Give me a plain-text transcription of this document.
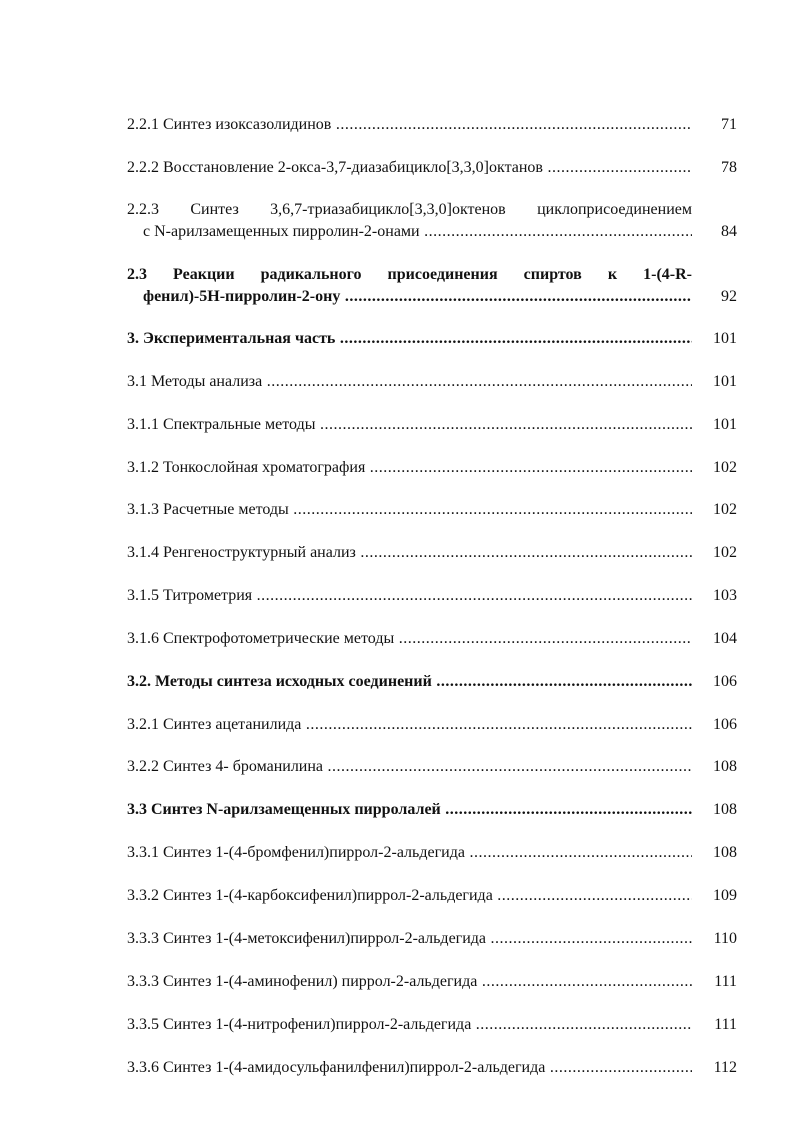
2.2.1 Синтез изоксазолидинов .....	71
2.2.2 Восстановление 2-окса-3,7-диазабицикло[3,3,0]октанов .....	78
2.2.3 Синтез 3,6,7-триазабицикло[3,3,0]октенов циклоприсоединением
с N-арилзамещенных пирролин-2-онами .....	84
2.3 Реакции радикального присоединения спиртов к 1-(4-R-
фенил)-5H-пирролин-2-ону .....	92
3. Экспериментальная часть .....	101
3.1 Методы анализа .....	101
3.1.1 Спектральные методы .....	101
3.1.2 Тонкослойная хроматография .....	102
3.1.3 Расчетные методы .....	102
3.1.4 Ренгеноструктурный анализ .....	102
3.1.5 Титрометрия .....	103
3.1.6 Спектрофотометрические методы .....	104
3.2. Методы синтеза исходных соединений .....	106
3.2.1 Синтез ацетанилида .....	106
3.2.2 Синтез 4- броманилина .....	108
3.3 Синтез N-арилзамещенных пирролалей .....	108
3.3.1 Синтез 1-(4-бромфенил)пиррол-2-альдегида .....	108
3.3.2 Синтез 1-(4-карбоксифенил)пиррол-2-альдегида .....	109
3.3.3 Синтез 1-(4-метоксифенил)пиррол-2-альдегида .....	110
3.3.3 Синтез 1-(4-аминофенил) пиррол-2-альдегида .....	111
3.3.5 Синтез 1-(4-нитрофенил)пиррол-2-альдегида .....	111
3.3.6 Синтез 1-(4-амидосульфанилфенил)пиррол-2-альдегида .....	112
